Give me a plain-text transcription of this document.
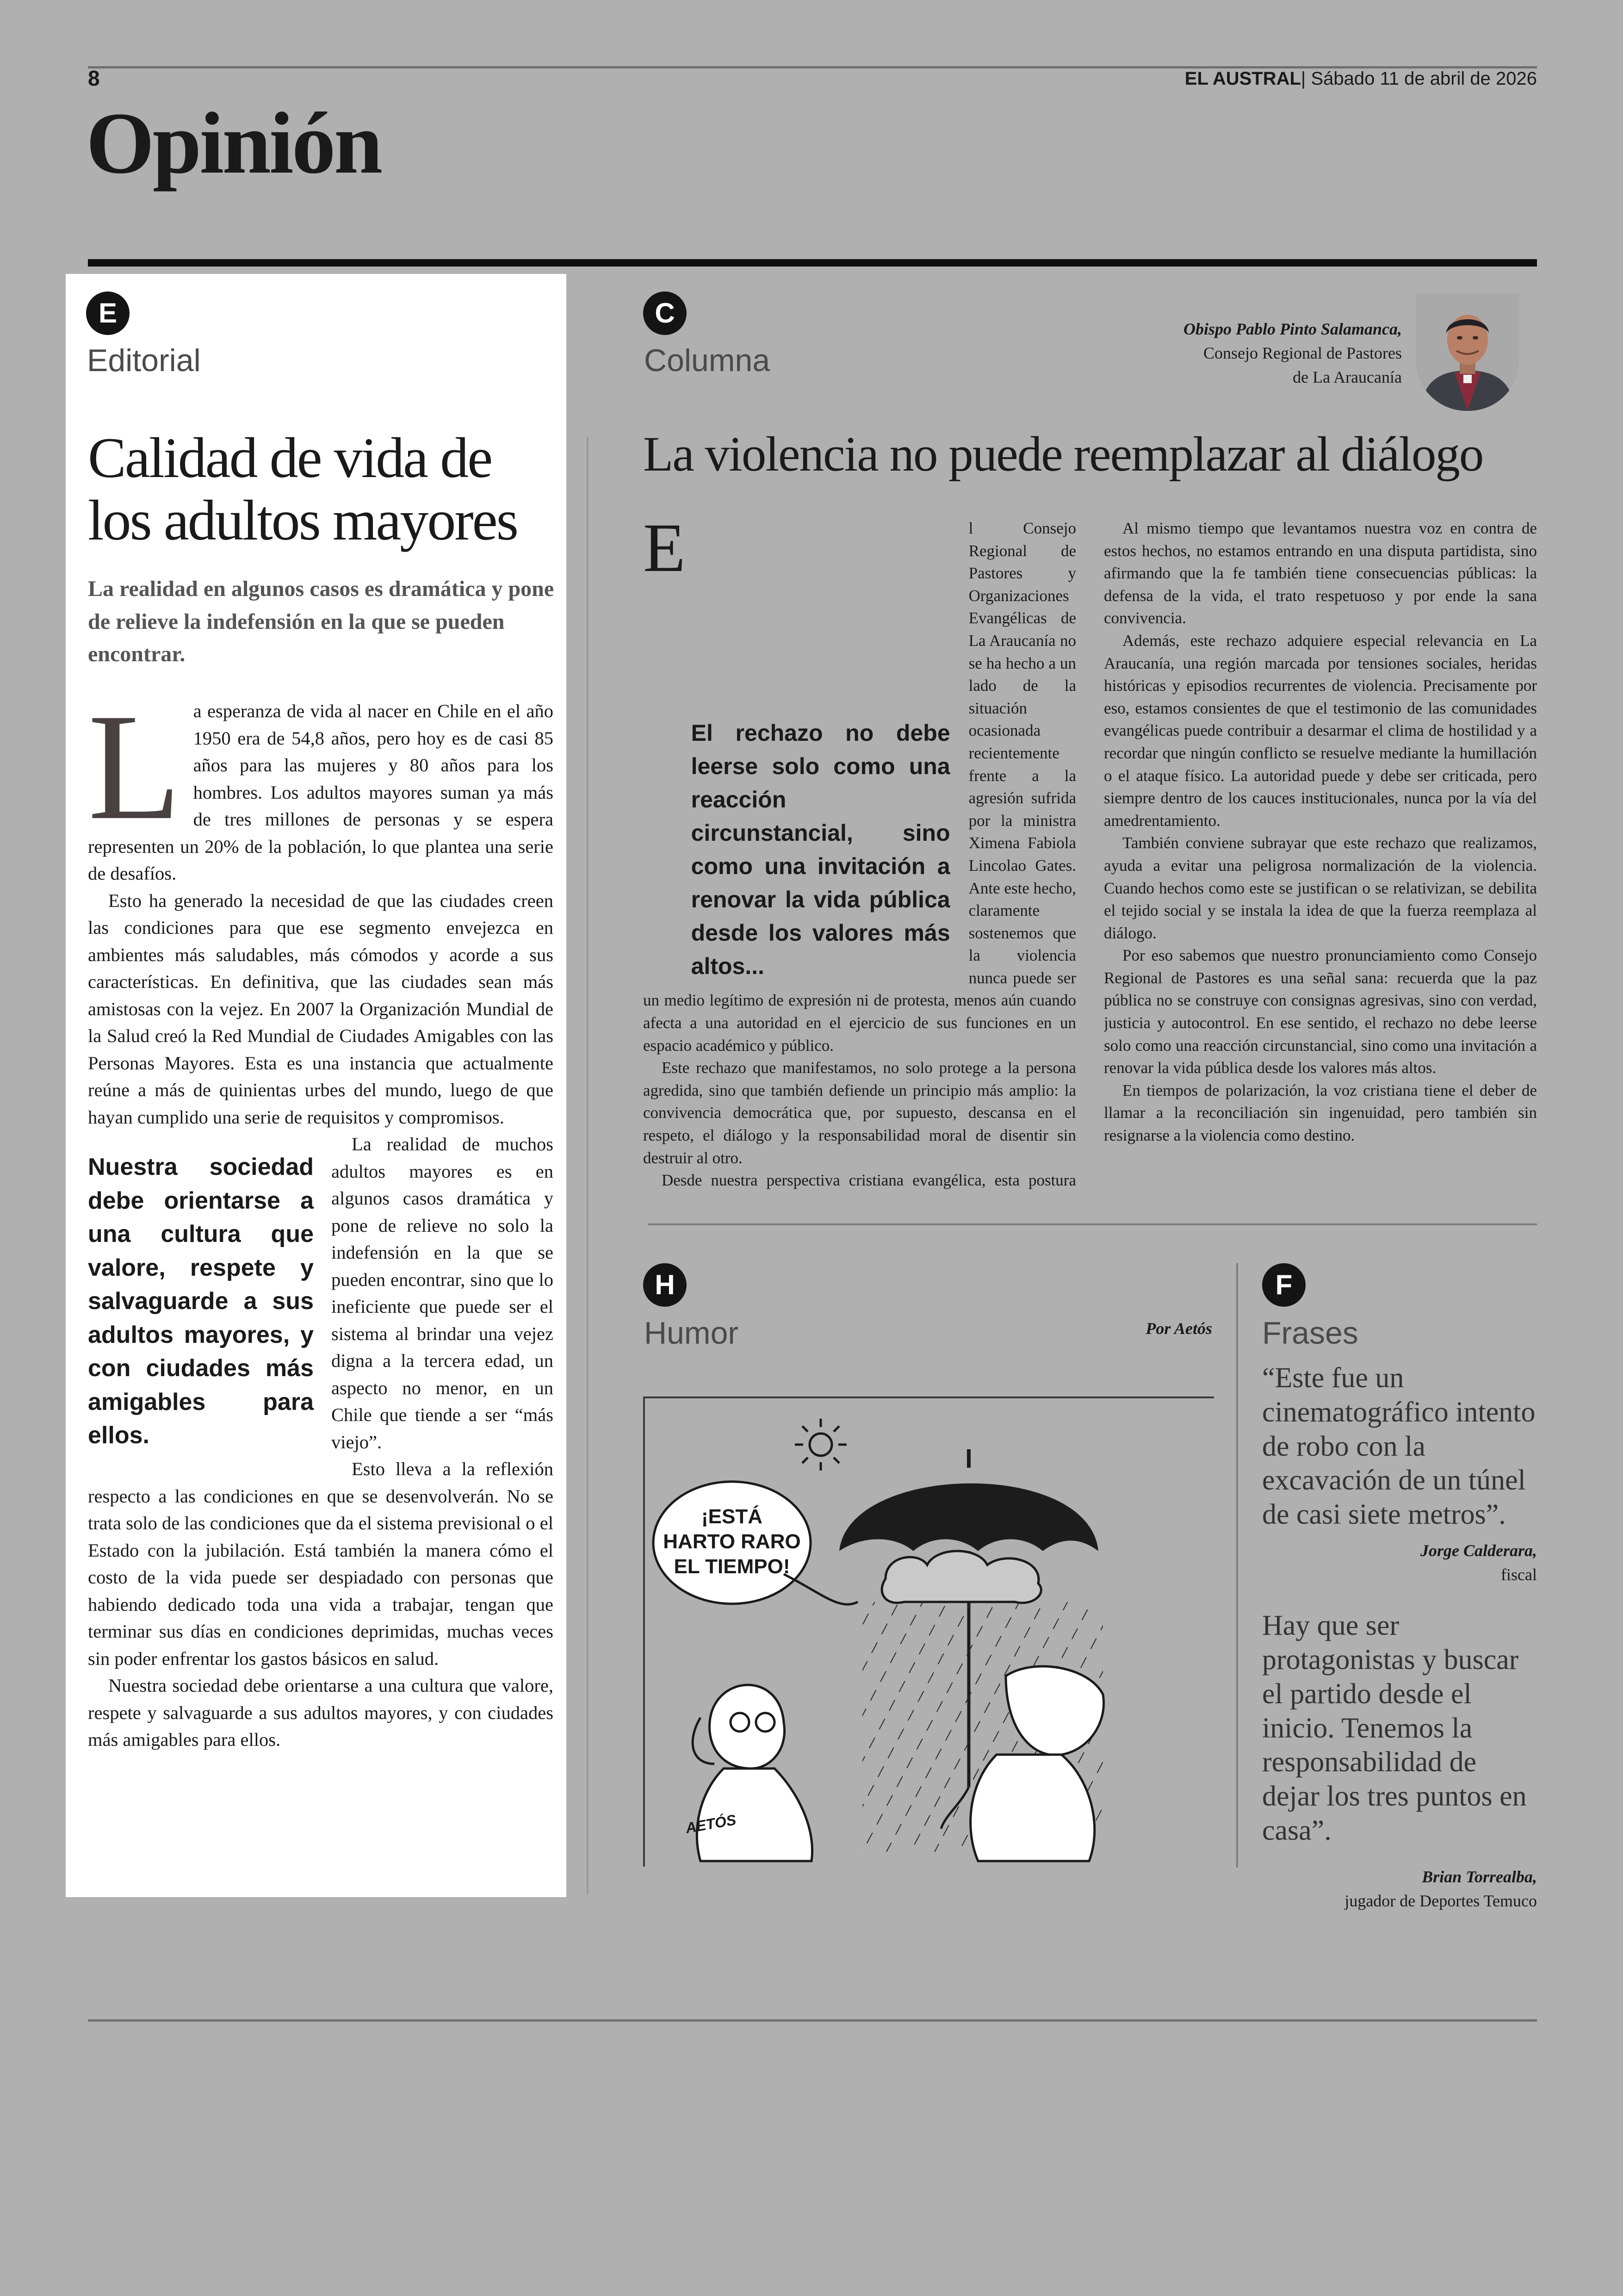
8	EL AUSTRAL| Sábado 11 de abril de 2026
Opinión
E
Editorial
Calidad de vida de los adultos mayores

La realidad en algunos casos es dramática y pone de relieve la indefensión en la que se pueden encontrar.

L a esperanza de vida al nacer en Chile en el año 1950 era de 54,8 años, pero hoy es de casi 85 años para las mujeres y 80 años para los hombres. Los adultos mayores suman ya más de tres millones de personas y se espera representen un 20% de la población, lo que plantea una serie de desafíos.

Esto ha generado la necesidad de que las ciudades creen las condiciones para que ese segmento envejezca en ambientes más saludables, más cómodos y acorde a sus características. En definitiva, que las ciudades sean más amistosas con la vejez. En 2007 la Organización Mundial de la Salud creó la Red Mundial de Ciudades Amigables con las Personas Mayores. Esta es una instancia que actualmente reúne a más de quinientas urbes del mundo, luego de que hayan cumplido una serie de requisitos y compromisos.

Nuestra sociedad debe orientarse a una cultura que valore, respete y salvaguarde a sus adultos mayores, y con ciudades más amigables para ellos.

La realidad de muchos adultos mayores es en algunos casos dramática y pone de relieve no solo la indefensión en la que se pueden encontrar, sino que lo ineficiente que puede ser el sistema al brindar una vejez digna a la tercera edad, un aspecto no menor, en un Chile que tiende a ser “más viejo”.

Esto lleva a la reflexión respecto a las condiciones en que se desenvolverán. No se trata solo de las condiciones que da el sistema previsional o el Estado con la jubilación. Está también la manera cómo el costo de la vida puede ser despiadado con personas que habiendo dedicado toda una vida a trabajar, tengan que terminar sus días en condiciones deprimidas, muchas veces sin poder enfrentar los gastos básicos en salud.

Nuestra sociedad debe orientarse a una cultura que valore, respete y salvaguarde a sus adultos mayores, y con ciudades más amigables para ellos.

C
Columna
Obispo Pablo Pinto Salamanca,
Consejo Regional de Pastores
de La Araucanía
La violencia no puede reemplazar al diálogo
E
El rechazo no debe leerse solo como una reacción circunstancial, sino como una invitación a renovar la vida pública desde los valores más altos...

l Consejo Regional de Pastores y Organizaciones Evangélicas de La Araucanía no se ha hecho a un lado de la situación ocasionada recientemente frente a la agresión sufrida por la ministra Ximena Fabiola Lincolao Gates. Ante este hecho, claramente sostenemos que la violencia nunca puede ser un medio legítimo de expresión ni de protesta, menos aún cuando afecta a una autoridad en el ejercicio de sus funciones en un espacio académico y público.

Este rechazo que manifestamos, no solo protege a la persona agredida, sino que también defiende un principio más amplio: la convivencia democrática que, por supuesto, descansa en el respeto, el diálogo y la responsabilidad moral de disentir sin destruir al otro.

Desde nuestra perspectiva cristiana evangélica, esta postura

Al mismo tiempo que levantamos nuestra voz en contra de estos hechos, no estamos entrando en una disputa partidista, sino afirmando que la fe también tiene consecuencias públicas: la defensa de la vida, el trato respetuoso y por ende la sana convivencia.

Además, este rechazo adquiere especial relevancia en La Araucanía, una región marcada por tensiones sociales, heridas históricas y episodios recurrentes de violencia. Precisamente por eso, estamos consientes de que el testimonio de las comunidades evangélicas puede contribuir a desarmar el clima de hostilidad y a recordar que ningún conflicto se resuelve mediante la humillación o el ataque físico. La autoridad puede y debe ser criticada, pero siempre dentro de los cauces institucionales, nunca por la vía del amedrentamiento.

También conviene subrayar que este rechazo que realizamos, ayuda a evitar una peligrosa normalización de la violencia. Cuando hechos como este se justifican o se relativizan, se debilita el tejido social y se instala la idea de que la fuerza reemplaza al diálogo.

Por eso sabemos que nuestro pronunciamiento como Consejo Regional de Pastores es una señal sana: recuerda que la paz pública no se construye con consignas agresivas, sino con verdad, justicia y autocontrol. En ese sentido, el rechazo no debe leerse solo como una reacción circunstancial, sino como una invitación a renovar la vida pública desde los valores más altos.

En tiempos de polarización, la voz cristiana tiene el deber de llamar a la reconciliación sin ingenuidad, pero también sin resignarse a la violencia como destino.

H
Humor	Por Aetós
¡ESTÁ
HARTO RARO
EL TIEMPO!
AETÓS
F
Frases

“Este fue un cinematográfico intento de robo con la excavación de un túnel de casi siete metros”.

Jorge Calderara,
fiscal

Hay que ser protagonistas y buscar el partido desde el inicio. Tenemos la responsabilidad de dejar los tres puntos en casa”.

Brian Torrealba,
jugador de Deportes Temuco
